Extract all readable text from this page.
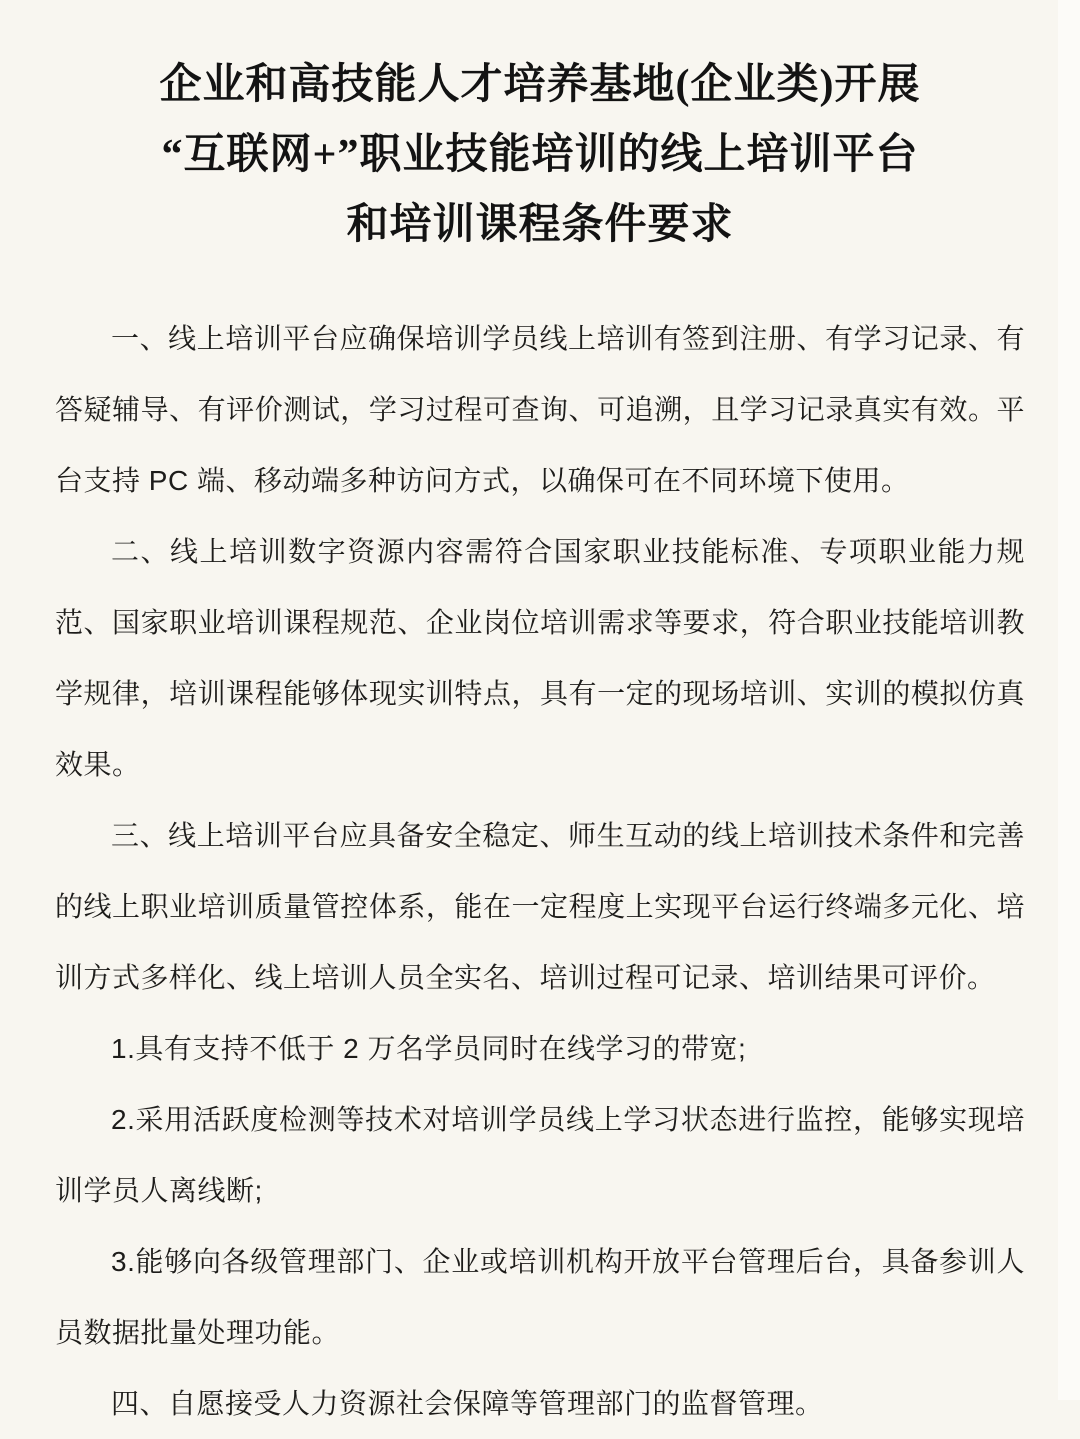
企业和高技能人才培养基地(企业类)开展
“互联网+”职业技能培训的线上培训平台
和培训课程条件要求

一、线上培训平台应确保培训学员线上培训有签到注册、有学习记录、有答疑辅导、有评价测试，学习过程可查询、可追溯，且学习记录真实有效。平台支持 PC 端、移动端多种访问方式，以确保可在不同环境下使用。

二、线上培训数字资源内容需符合国家职业技能标准、专项职业能力规范、国家职业培训课程规范、企业岗位培训需求等要求，符合职业技能培训教学规律，培训课程能够体现实训特点，具有一定的现场培训、实训的模拟仿真效果。

三、线上培训平台应具备安全稳定、师生互动的线上培训技术条件和完善的线上职业培训质量管控体系，能在一定程度上实现平台运行终端多元化、培训方式多样化、线上培训人员全实名、培训过程可记录、培训结果可评价。

1.具有支持不低于 2 万名学员同时在线学习的带宽;

2.采用活跃度检测等技术对培训学员线上学习状态进行监控，能够实现培训学员人离线断;

3.能够向各级管理部门、企业或培训机构开放平台管理后台，具备参训人员数据批量处理功能。

四、自愿接受人力资源社会保障等管理部门的监督管理。
